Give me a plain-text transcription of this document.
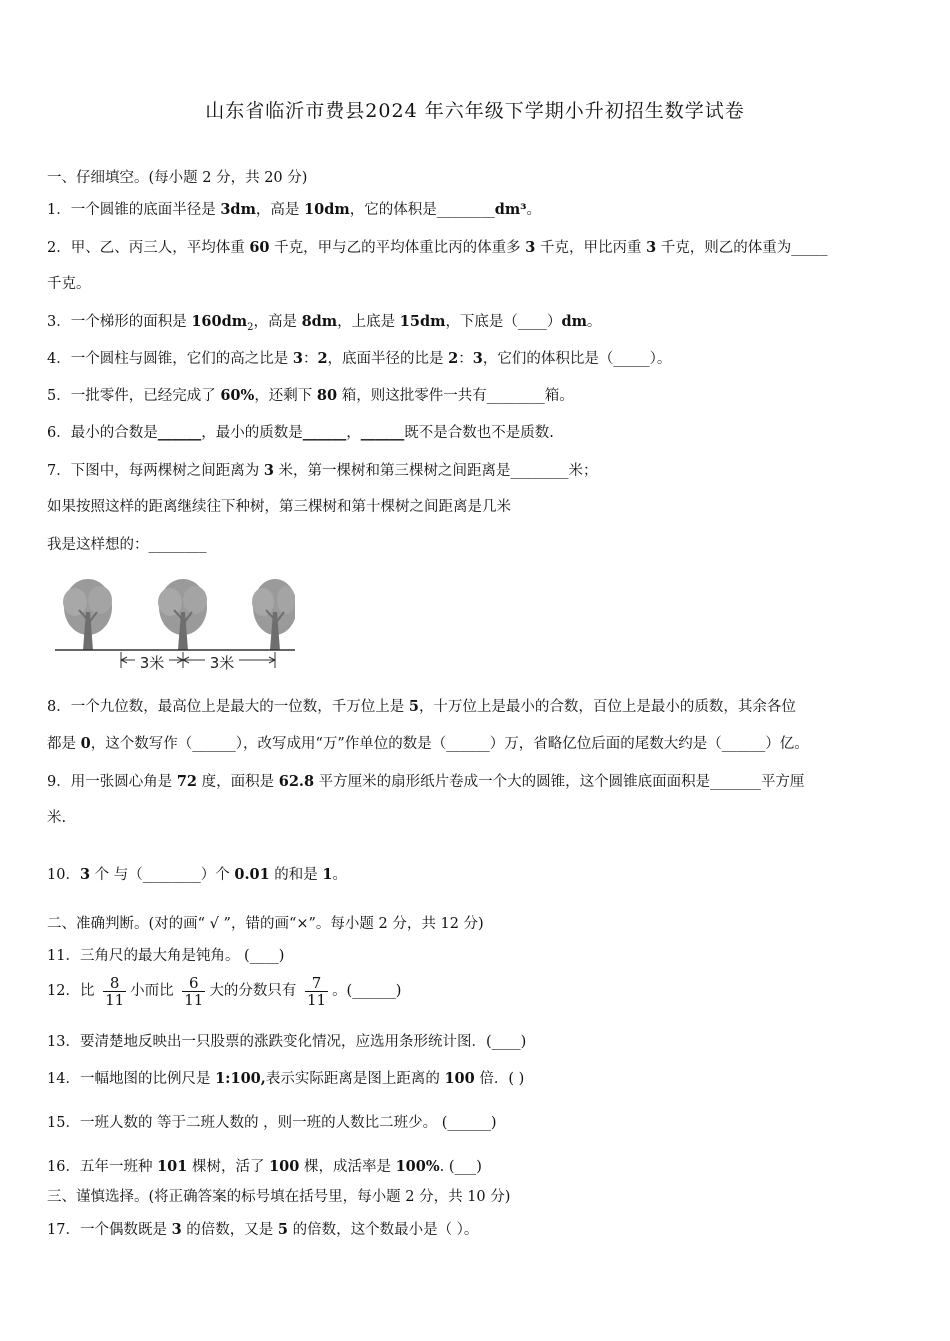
山东省临沂市费县2024 年六年级下学期小升初招生数学试卷
一、仔细填空。(每小题 2 分，共 20 分)
1．一个圆锥的底面半径是 3dm，高是 10dm，它的体积是________dm³。
2．甲、乙、丙三人，平均体重 60 千克，甲与乙的平均体重比丙的体重多 3 千克，甲比丙重 3 千克，则乙的体重为_____
千克。
3．一个梯形的面积是 $160dm_2$，高是 8dm，上底是 15dm，下底是（____）dm。
4．一个圆柱与圆锥，它们的高之比是 3：2，底面半径的比是 2：3，它们的体积比是（_____）。
5．一批零件，已经完成了 60%，还剩下 80 箱，则这批零件一共有________箱。
6．最小的合数是______，最小的质数是______，______既不是合数也不是质数.
7．下图中，每两棵树之间距离为 3 米，第一棵树和第三棵树之间距离是________米；
如果按照这样的距离继续往下种树，第三棵树和第十棵树之间距离是几米
我是这样想的：________
3米	3米
8．一个九位数，最高位上是最大的一位数，千万位上是 5，十万位上是最小的合数，百位上是最小的质数，其余各位
都是 0，这个数写作（______），改写成用“万”作单位的数是（______）万，省略亿位后面的尾数大约是（______）亿。
9．用一张圆心角是 72 度，面积是 62.8 平方厘米的扇形纸片卷成一个大的圆锥，这个圆锥底面面积是_______平方厘
米.
10．3 个 与（________）个 0.01 的和是 1。
二、准确判断。(对的画“ √ ”，错的画“×”。每小题 2 分，共 12 分)
11．三角尺的最大角是钝角。 (____)
12．比 $\frac{8}{11}$ 小而比 $\frac{6}{11}$ 大的分数只有 $\frac{7}{11}$ 。(______)
13．要清楚地反映出一只股票的涨跌变化情况，应选用条形统计图．(____)
14．一幅地图的比例尺是 1:100,表示实际距离是图上距离的 100 倍．( )
15．一班人数的 等于二班人数的 ，则一班的人数比二班少。 (______)
16．五年一班种 101 棵树，活了 100 棵，成活率是 100%. (___)
三、谨慎选择。(将正确答案的标号填在括号里，每小题 2 分，共 10 分)
17．一个偶数既是 3 的倍数，又是 5 的倍数，这个数最小是（ ）。
